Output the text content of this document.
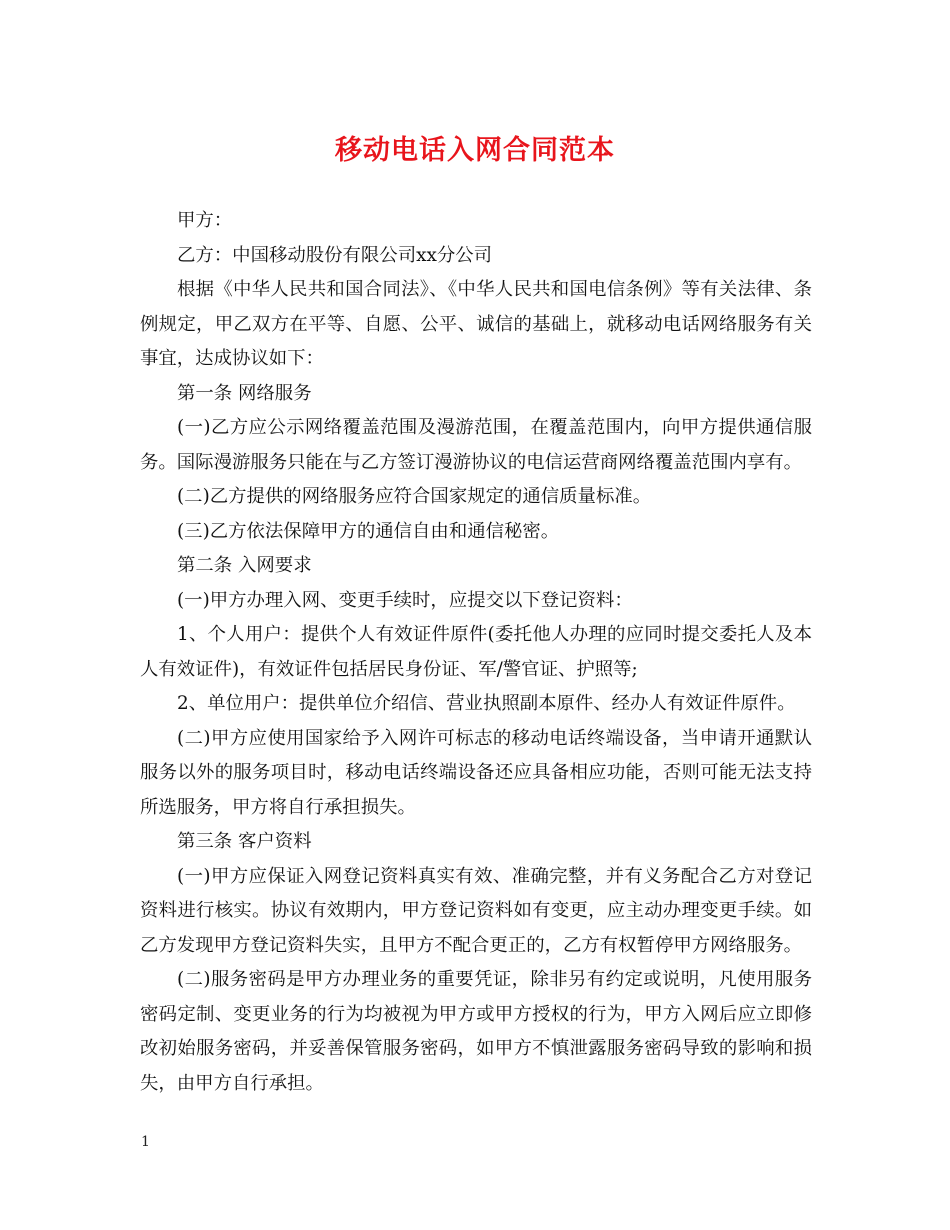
移动电话入网合同范本

甲方：

乙方：中国移动股份有限公司xx分公司

根据《中华人民共和国合同法》、《中华人民共和国电信条例》等有关法律、条例规定，甲乙双方在平等、自愿、公平、诚信的基础上，就移动电话网络服务有关事宜，达成协议如下：

第一条 网络服务

(一)乙方应公示网络覆盖范围及漫游范围，在覆盖范围内，向甲方提供通信服务。国际漫游服务只能在与乙方签订漫游协议的电信运营商网络覆盖范围内享有。

(二)乙方提供的网络服务应符合国家规定的通信质量标准。

(三)乙方依法保障甲方的通信自由和通信秘密。

第二条 入网要求

(一)甲方办理入网、变更手续时，应提交以下登记资料：

1、个人用户：提供个人有效证件原件(委托他人办理的应同时提交委托人及本人有效证件)，有效证件包括居民身份证、军/警官证、护照等;

2、单位用户：提供单位介绍信、营业执照副本原件、经办人有效证件原件。

(二)甲方应使用国家给予入网许可标志的移动电话终端设备，当申请开通默认服务以外的服务项目时，移动电话终端设备还应具备相应功能，否则可能无法支持所选服务，甲方将自行承担损失。

第三条 客户资料

(一)甲方应保证入网登记资料真实有效、准确完整，并有义务配合乙方对登记资料进行核实。协议有效期内，甲方登记资料如有变更，应主动办理变更手续。如乙方发现甲方登记资料失实，且甲方不配合更正的，乙方有权暂停甲方网络服务。

(二)服务密码是甲方办理业务的重要凭证，除非另有约定或说明，凡使用服务密码定制、变更业务的行为均被视为甲方或甲方授权的行为，甲方入网后应立即修改初始服务密码，并妥善保管服务密码，如甲方不慎泄露服务密码导致的影响和损失，由甲方自行承担。

1
